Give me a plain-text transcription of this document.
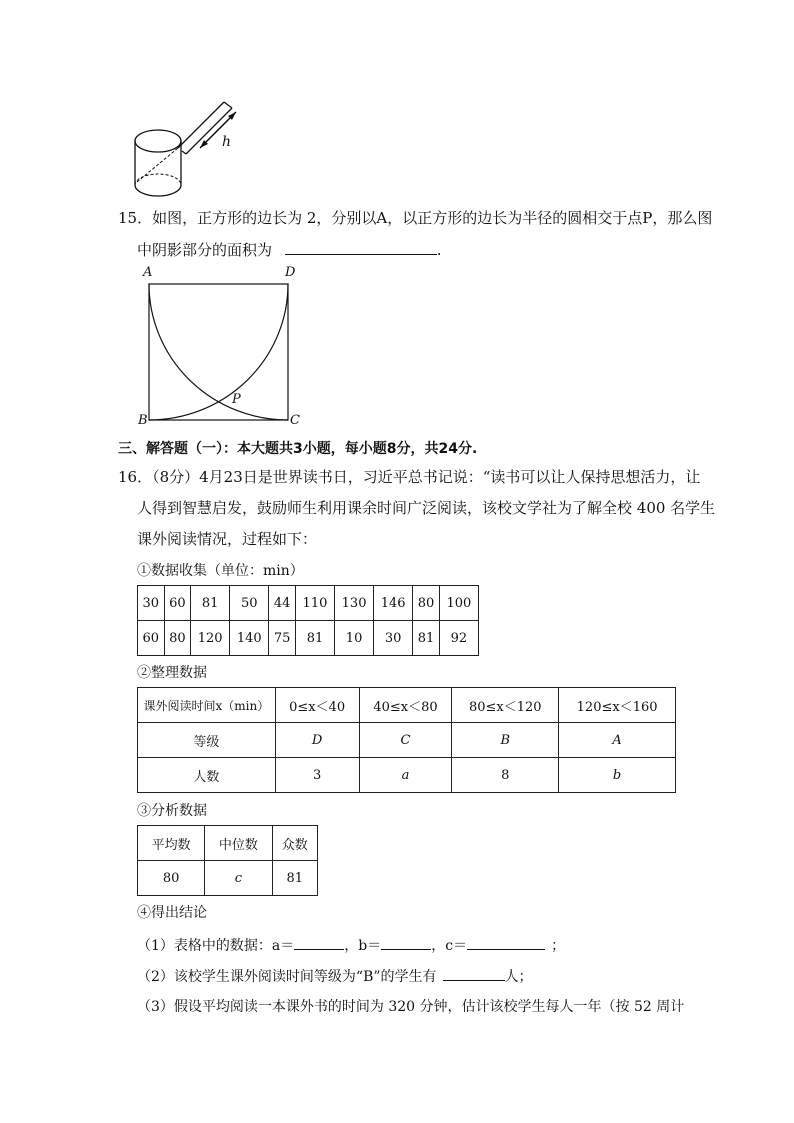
h
15．如图，正方形的边长为 2，分别以A，以正方形的边长为半径的圆相交于点P，那么图
中阴影部分的面积为	.
A	D
B	C
P
三、解答题（一）：本大题共3小题，每小题8分，共24分.
16．（8分）4月23日是世界读书日，习近平总书记说：“读书可以让人保持思想活力，让
人得到智慧启发，鼓励师生利用课余时间广泛阅读，该校文学社为了解全校 400 名学生
课外阅读情况，过程如下：
①数据收集（单位：min）
30	60	81	50	44	110	130	146	80	100
60	80	120	140	75	81	10	30	81	92
②整理数据
课外阅读时间x（min）	0≤x＜40	40≤x＜80	80≤x＜120	120≤x＜160
等级	D	C	B	A
人数	3	a	8	b
③分析数据
平均数	中位数	众数
80	c	81
④得出结论
（1）表格中的数据：a＝	，b＝	，c＝	；
（2）该校学生课外阅读时间等级为“B”的学生有	人；
（3）假设平均阅读一本课外书的时间为 320 分钟，估计该校学生每人一年（按 52 周计
